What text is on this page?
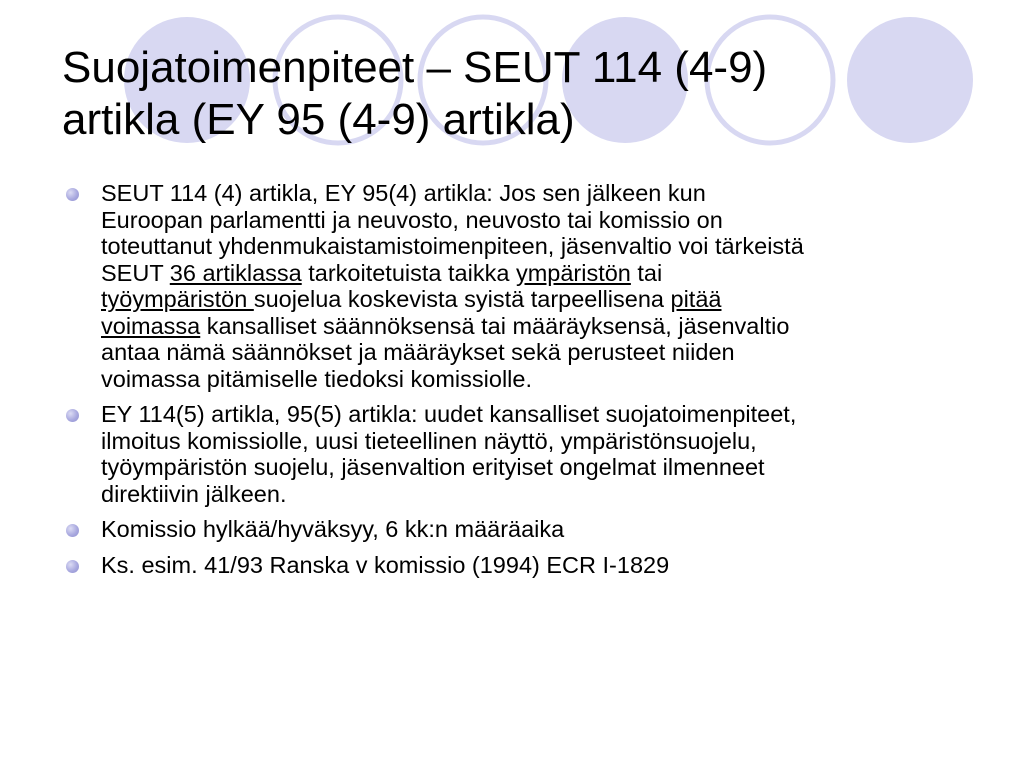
Suojatoimenpiteet – SEUT 114 (4-9)
artikla (EY 95 (4-9) artikla)
SEUT 114 (4) artikla, EY 95(4) artikla: Jos sen jälkeen kun
Euroopan parlamentti ja neuvosto, neuvosto tai komissio on
toteuttanut yhdenmukaistamistoimenpiteen, jäsenvaltio voi tärkeistä
SEUT 36 artiklassa tarkoitetuista taikka ympäristön tai
työympäristön suojelua koskevista syistä tarpeellisena pitää
voimassa kansalliset säännöksensä tai määräyksensä, jäsenvaltio
antaa nämä säännökset ja määräykset sekä perusteet niiden
voimassa pitämiselle tiedoksi komissiolle.
EY 114(5) artikla, 95(5) artikla: uudet kansalliset suojatoimenpiteet,
ilmoitus komissiolle, uusi tieteellinen näyttö, ympäristönsuojelu,
työympäristön suojelu, jäsenvaltion erityiset ongelmat ilmenneet
direktiivin jälkeen.
Komissio hylkää/hyväksyy, 6 kk:n määräaika
Ks. esim. 41/93 Ranska v komissio (1994) ECR I-1829
